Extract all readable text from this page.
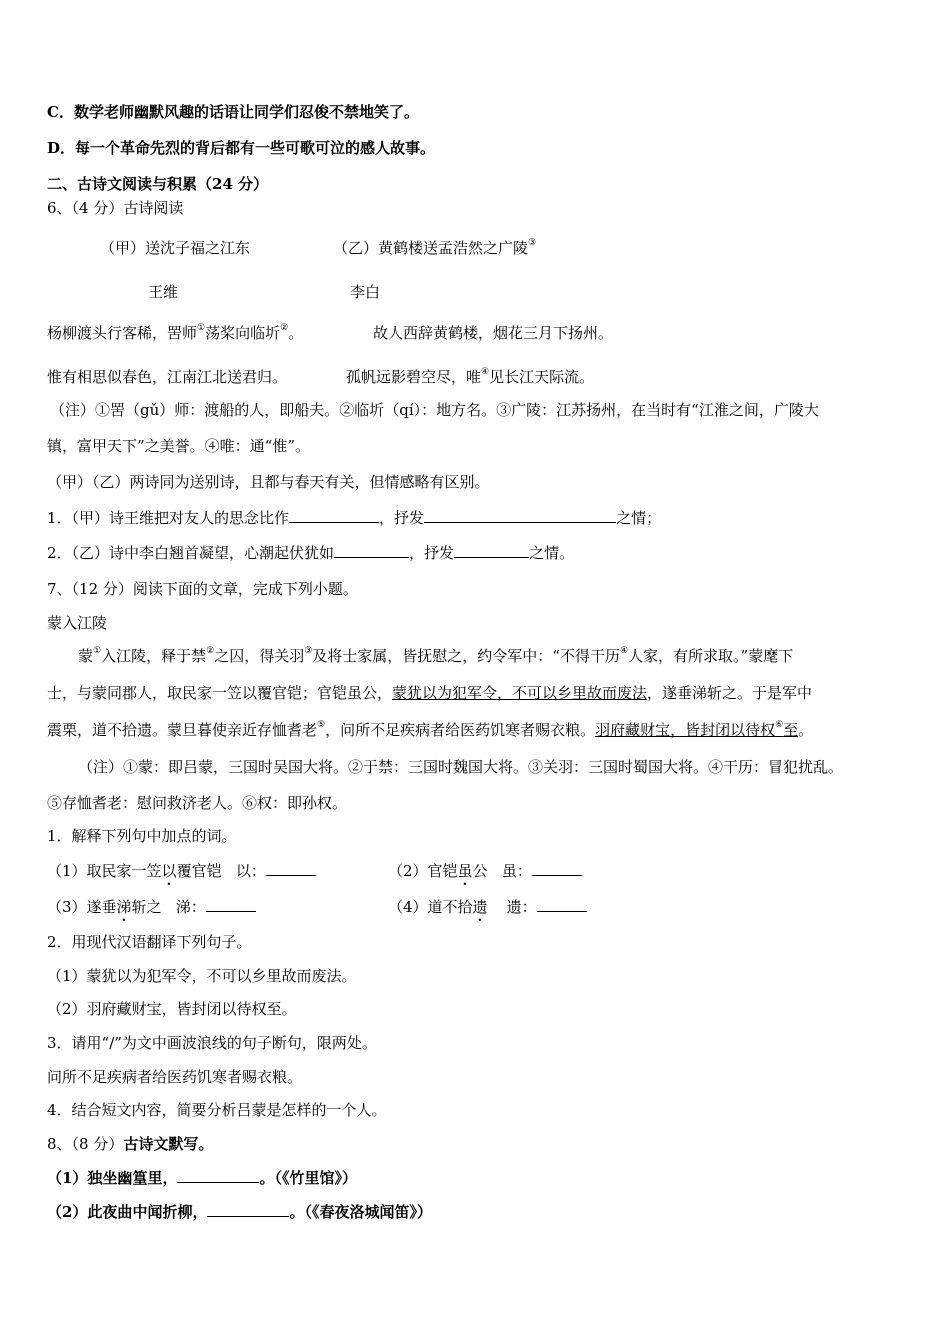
C．数学老师幽默风趣的话语让同学们忍俊不禁地笑了。
D．每一个革命先烈的背后都有一些可歌可泣的感人故事。
二、古诗文阅读与积累（24 分）
6、（4 分）古诗阅读
（甲）送沈子福之江东	（乙）黄鹤楼送孟浩然之广陵③
王维	李白
杨柳渡头行客稀，罟师①荡桨向临圻②。	故人西辞黄鹤楼，烟花三月下扬州。
惟有相思似春色，江南江北送君归。	孤帆远影碧空尽，唯④见长江天际流。
（注）①罟（gǔ）师：渡船的人，即船夫。②临圻（qí）：地方名。③广陵：江苏扬州，在当时有“江淮之间，广陵大
镇，富甲天下”之美誉。④唯：通“惟”。
（甲）（乙）两诗同为送别诗，且都与春天有关，但情感略有区别。
1．（甲）诗王维把对友人的思念比作	，抒发	之情；
2．（乙）诗中李白翘首凝望，心潮起伏犹如	，抒发	之情。
7、（12 分）阅读下面的文章，完成下列小题。
蒙入江陵
蒙①入江陵，释于禁②之囚，得关羽③及将士家属，皆抚慰之，约令军中：“不得干历④人家，有所求取。”蒙麾下
士，与蒙同郡人，取民家一笠以覆官铠；官铠虽公，蒙犹以为犯军令，不可以乡里故而废法，遂垂涕斩之。于是军中
震栗，道不拾遗。蒙旦暮使亲近存恤耆老⑤，问所不足疾病者给医药饥寒者赐衣粮。羽府藏财宝，皆封闭以待权⑥至。
（注）①蒙：即吕蒙，三国时吴国大将。②于禁：三国时魏国大将。③关羽：三国时蜀国大将。④干历：冒犯扰乱。
⑤存恤耆老：慰问救济老人。⑥权：即孙权。
1．解释下列句中加点的词。
（1）取民家一笠以覆官铠 以：	（2）官铠虽公 虽：
（3）遂垂涕斩之 涕：	（4）道不拾遗 遗：
2．用现代汉语翻译下列句子。
（1）蒙犹以为犯军令，不可以乡里故而废法。
（2）羽府藏财宝，皆封闭以待权至。
3．请用“/”为文中画波浪线的句子断句，限两处。
问所不足疾病者给医药饥寒者赐衣粮。
4．结合短文内容，简要分析吕蒙是怎样的一个人。
8、（8 分）古诗文默写。
（1）独坐幽篁里，	。（《竹里馆》）
（2）此夜曲中闻折柳，	。（《春夜洛城闻笛》）
